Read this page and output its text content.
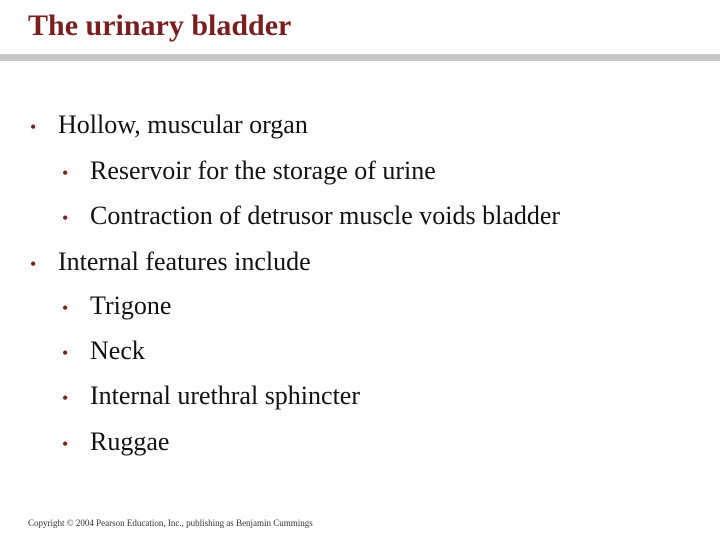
The urinary bladder
• Hollow, muscular organ
• Reservoir for the storage of urine
• Contraction of detrusor muscle voids bladder
• Internal features include
• Trigone
• Neck
• Internal urethral sphincter
• Ruggae
Copyright © 2004 Pearson Education, Inc., publishing as Benjamin Cummings
